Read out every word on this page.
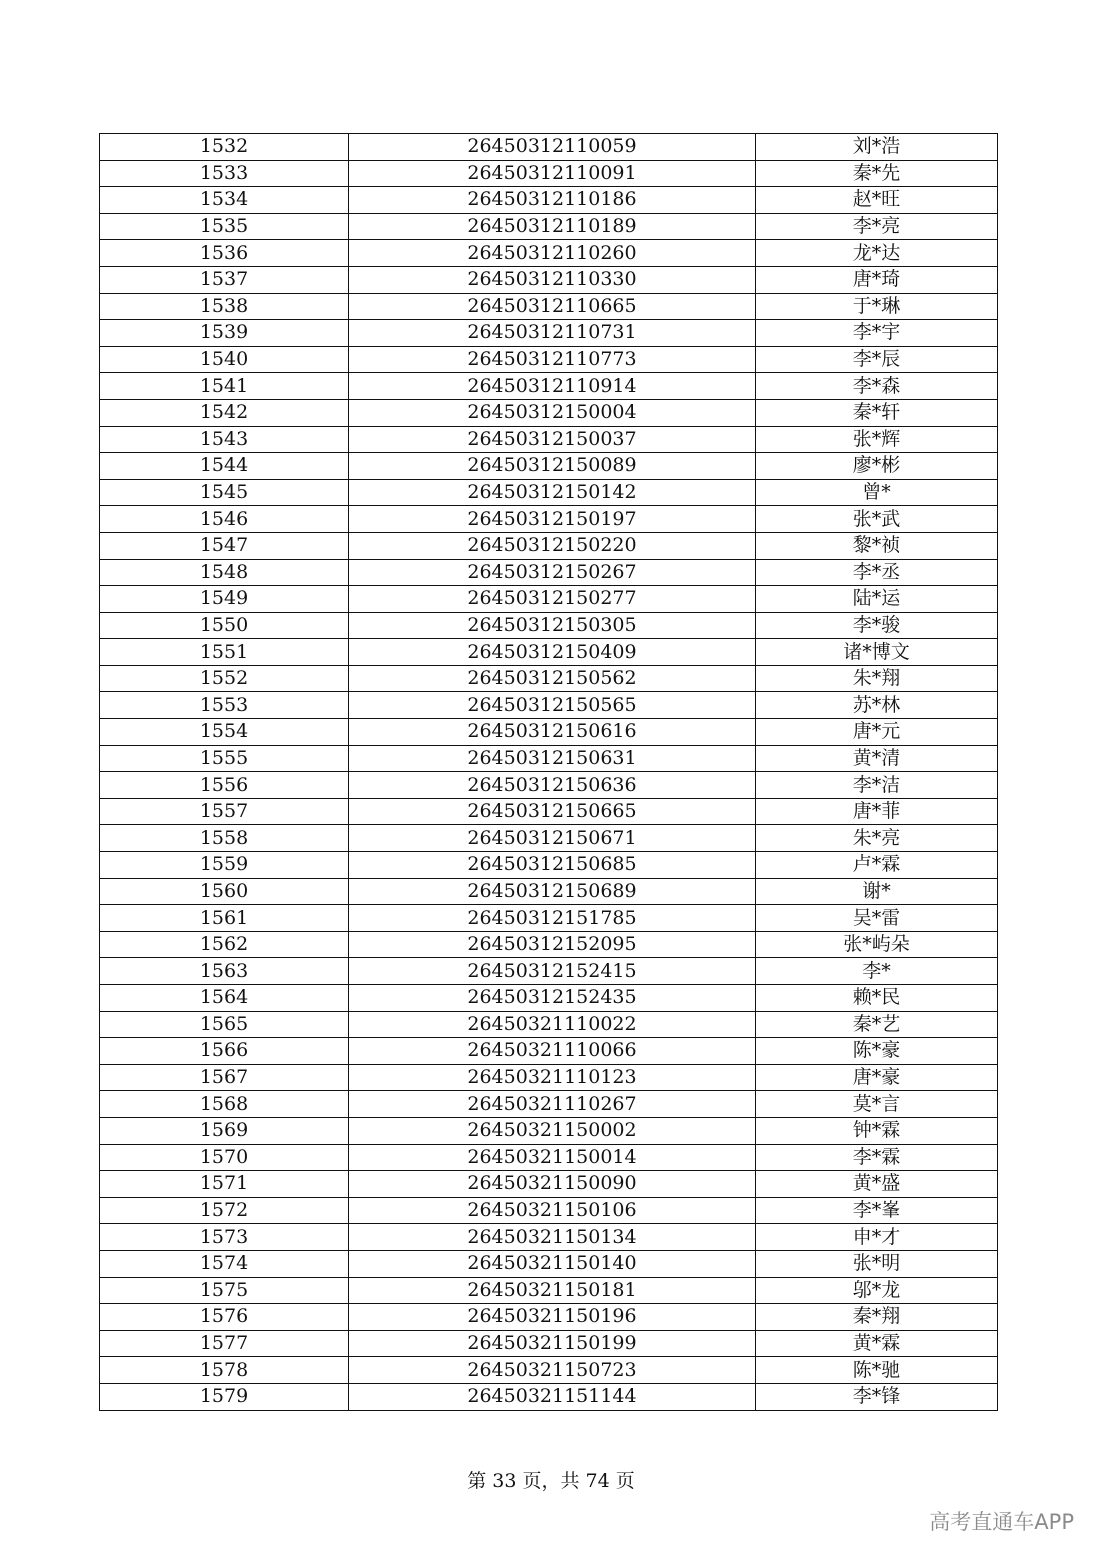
1532	26450312110059	刘*浩
1533	26450312110091	秦*先
1534	26450312110186	赵*旺
1535	26450312110189	李*亮
1536	26450312110260	龙*达
1537	26450312110330	唐*琦
1538	26450312110665	于*琳
1539	26450312110731	李*宇
1540	26450312110773	李*辰
1541	26450312110914	李*森
1542	26450312150004	秦*轩
1543	26450312150037	张*辉
1544	26450312150089	廖*彬
1545	26450312150142	曾*
1546	26450312150197	张*武
1547	26450312150220	黎*祯
1548	26450312150267	李*丞
1549	26450312150277	陆*运
1550	26450312150305	李*骏
1551	26450312150409	诸*博文
1552	26450312150562	朱*翔
1553	26450312150565	苏*林
1554	26450312150616	唐*元
1555	26450312150631	黄*清
1556	26450312150636	李*洁
1557	26450312150665	唐*菲
1558	26450312150671	朱*亮
1559	26450312150685	卢*霖
1560	26450312150689	谢*
1561	26450312151785	吴*雷
1562	26450312152095	张*屿朵
1563	26450312152415	李*
1564	26450312152435	赖*民
1565	26450321110022	秦*艺
1566	26450321110066	陈*豪
1567	26450321110123	唐*豪
1568	26450321110267	莫*言
1569	26450321150002	钟*霖
1570	26450321150014	李*霖
1571	26450321150090	黄*盛
1572	26450321150106	李*峯
1573	26450321150134	申*才
1574	26450321150140	张*明
1575	26450321150181	邬*龙
1576	26450321150196	秦*翔
1577	26450321150199	黄*霖
1578	26450321150723	陈*驰
1579	26450321151144	李*锋
第 33 页，共 74 页
高考直通车APP
